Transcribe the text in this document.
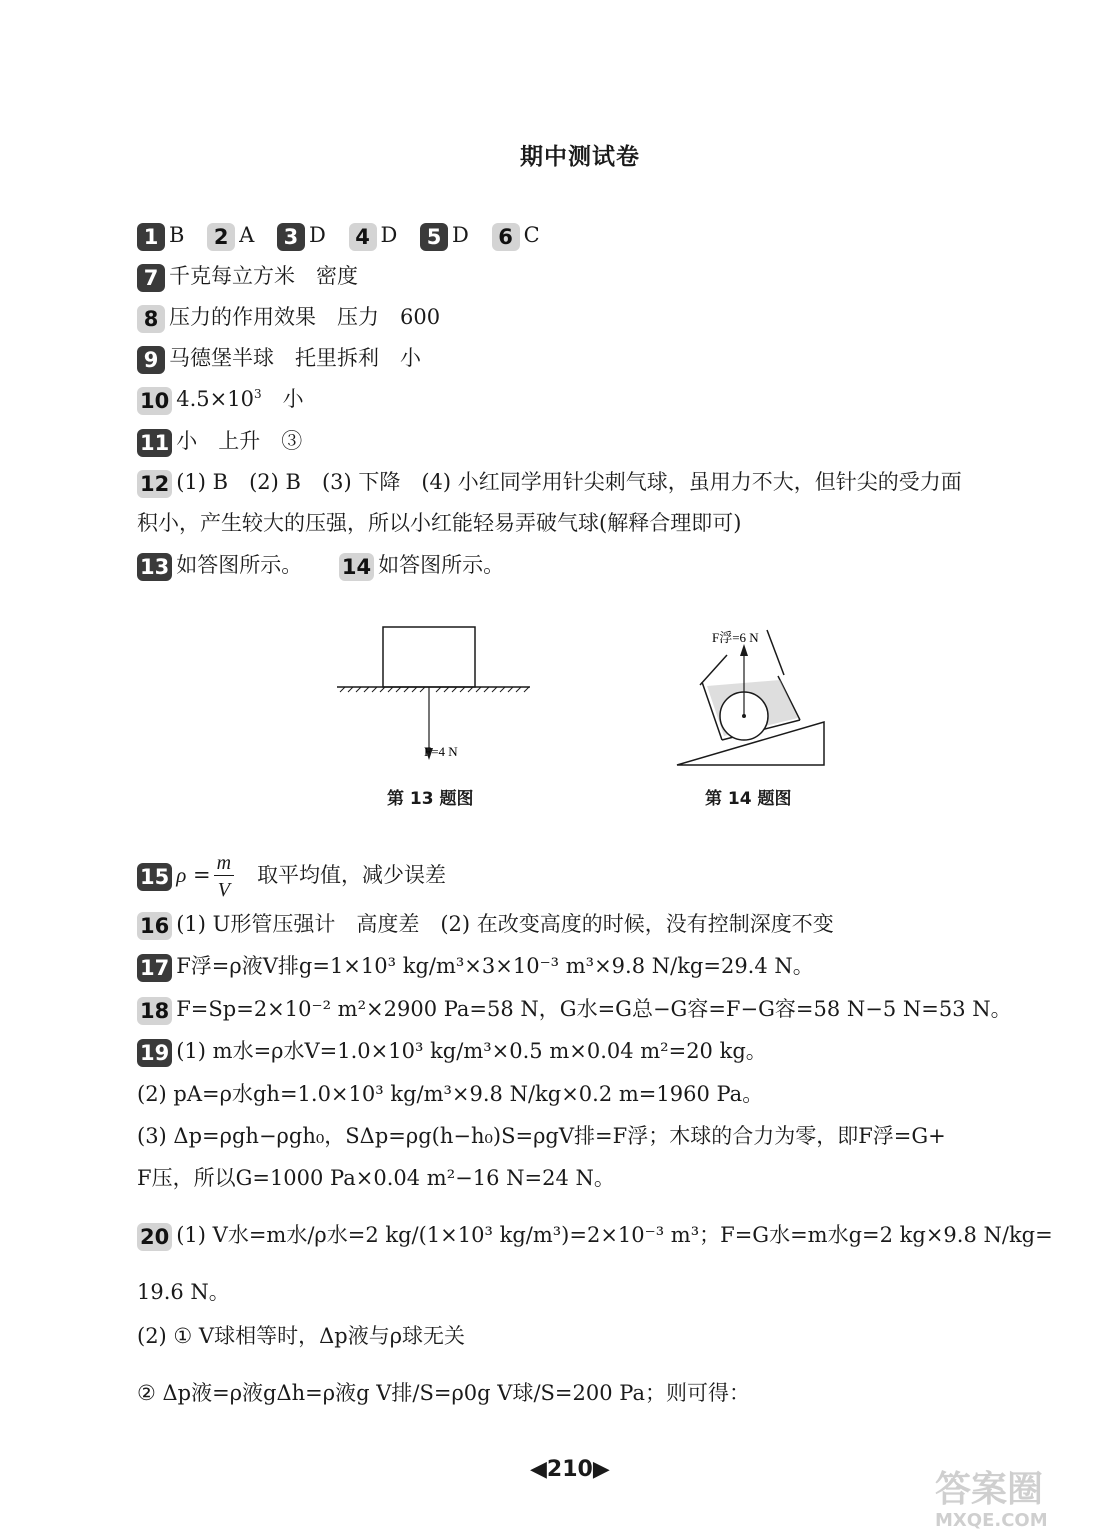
期中测试卷
1 B 2 A 3 D 4 D 5 D 6 C
7 千克每立方米　密度
8 压力的作用效果　压力　600
9 马德堡半球　托里拆利　小
10 $4.5\times 10^3$　小
11 小　上升　③
12 (1) B　(2) B　(3) 下降　(4) 小红同学用针尖刺气球，虽用力不大，但针尖的受力面
积小，产生较大的压强，所以小红能轻易弄破气球(解释合理即可)
13 如答图所示。 14 如答图所示。
F=4 N
第 13 题图
F浮=6 N
第 14 题图
15 $\rho = \frac{m}{V}$ 取平均值，减少误差
16 (1) U形管压强计　高度差　(2) 在改变高度的时候，没有控制深度不变
17 F浮=ρ液V排g=1×10³ kg/m³×3×10⁻³ m³×9.8 N/kg=29.4 N。
18 F=Sp=2×10⁻² m²×2900 Pa=58 N，G水=G总−G容=F−G容=58 N−5 N=53 N。
19 (1) m水=ρ水V=1.0×10³ kg/m³×0.5 m×0.04 m²=20 kg。
(2) pA=ρ水gh=1.0×10³ kg/m³×9.8 N/kg×0.2 m=1960 Pa。
(3) Δp=ρgh−ρgh₀，SΔp=ρg(h−h₀)S=ρgV排=F浮；木球的合力为零，即F浮=G+
F压，所以G=1000 Pa×0.04 m²−16 N=24 N。
20 (1) V水=m水/ρ水=2 kg/(1×10³ kg/m³)=2×10⁻³ m³；F=G水=m水g=2 kg×9.8 N/kg=
19.6 N。
(2) ① V球相等时，Δp液与ρ球无关
② Δp液=ρ液gΔh=ρ液g V排/S=ρ0g V球/S=200 Pa；则可得：
◀210▶	答案圈
MXQE.COM
